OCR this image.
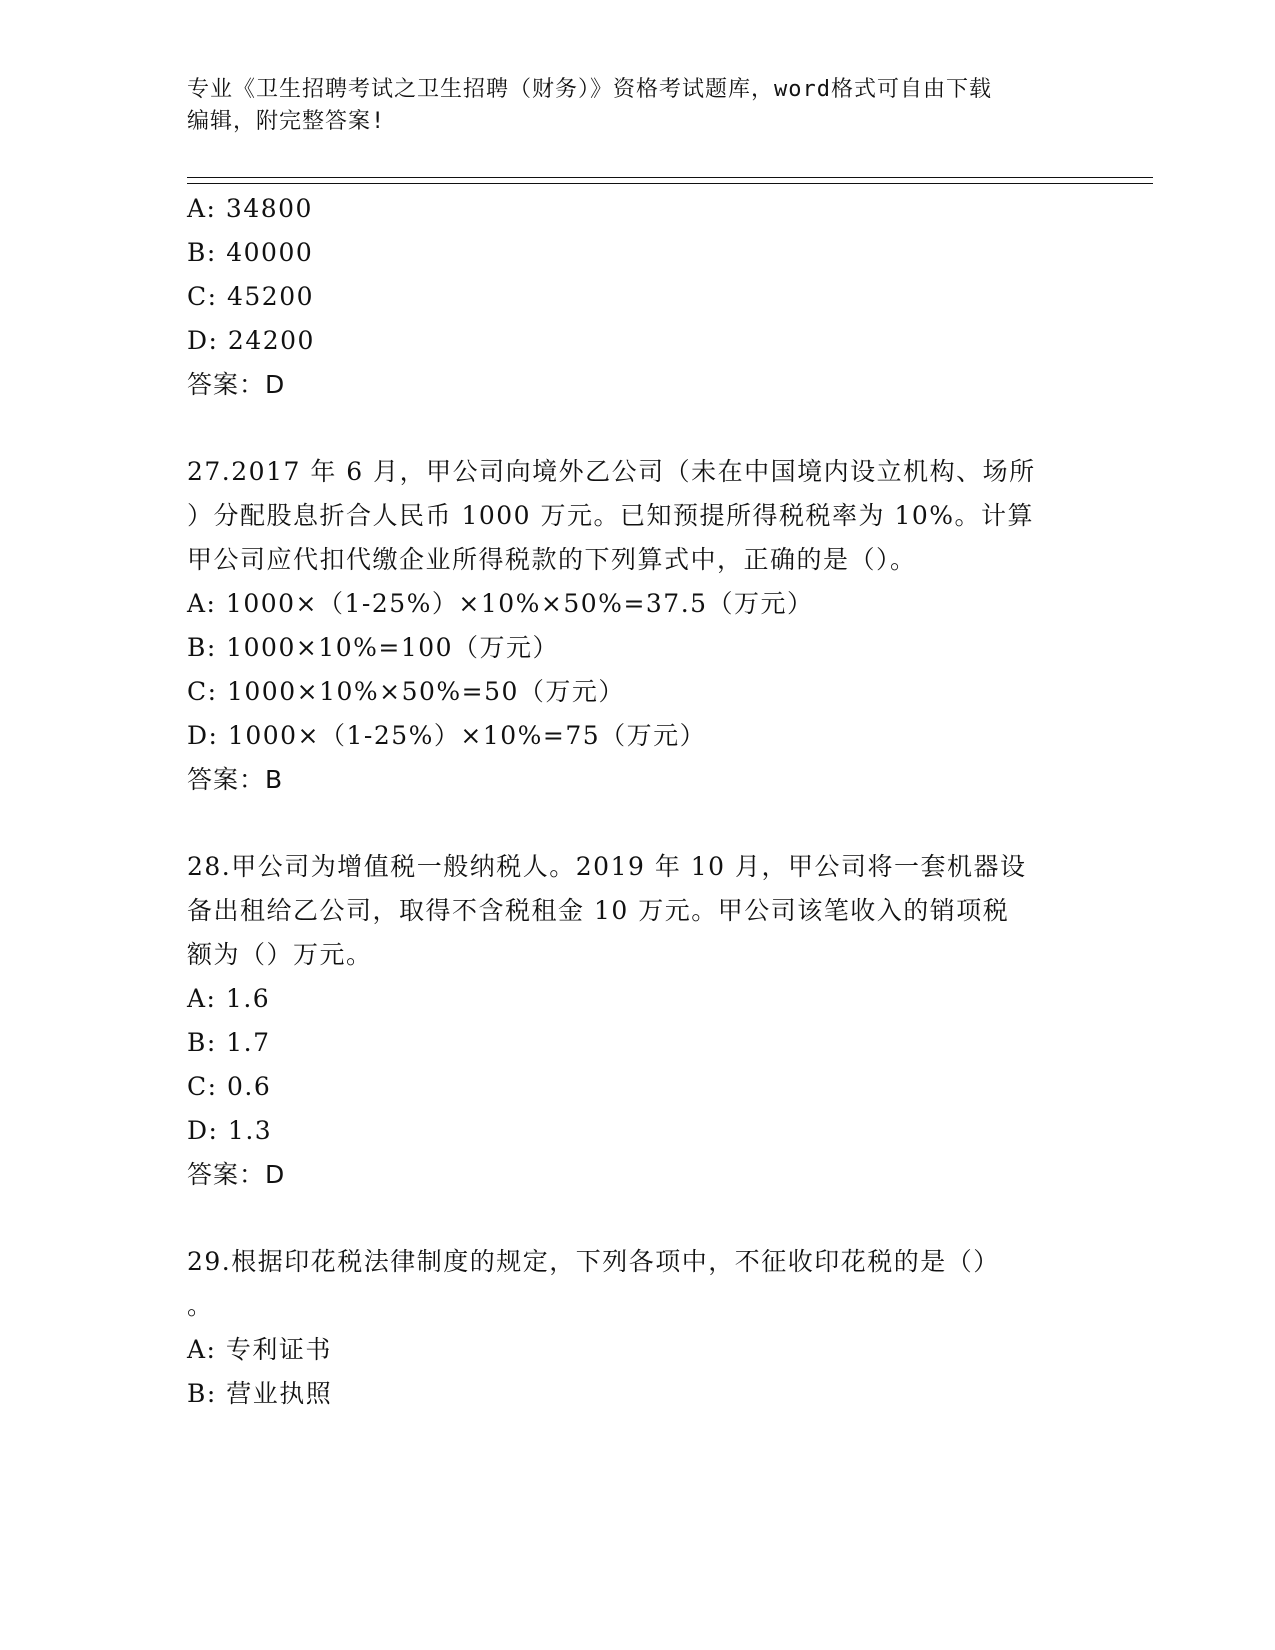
专业《卫生招聘考试之卫生招聘（财务）》资格考试题库，word格式可自由下载
编辑，附完整答案!
A: 34800
B: 40000
C: 45200
D: 24200
答案：D
27.2017 年 6 月，甲公司向境外乙公司（未在中国境内设立机构、场所
）分配股息折合人民币 1000 万元。已知预提所得税税率为 10%。计算
甲公司应代扣代缴企业所得税款的下列算式中，正确的是（）。
A: 1000×（1-25%）×10%×50%=37.5（万元）
B: 1000×10%=100（万元）
C: 1000×10%×50%=50（万元）
D: 1000×（1-25%）×10%=75（万元）
答案：B
28.甲公司为增值税一般纳税人。2019 年 10 月，甲公司将一套机器设
备出租给乙公司，取得不含税租金 10 万元。甲公司该笔收入的销项税
额为（）万元。
A: 1.6
B: 1.7
C: 0.6
D: 1.3
答案：D
29.根据印花税法律制度的规定，下列各项中，不征收印花税的是（）
。
A: 专利证书
B: 营业执照
